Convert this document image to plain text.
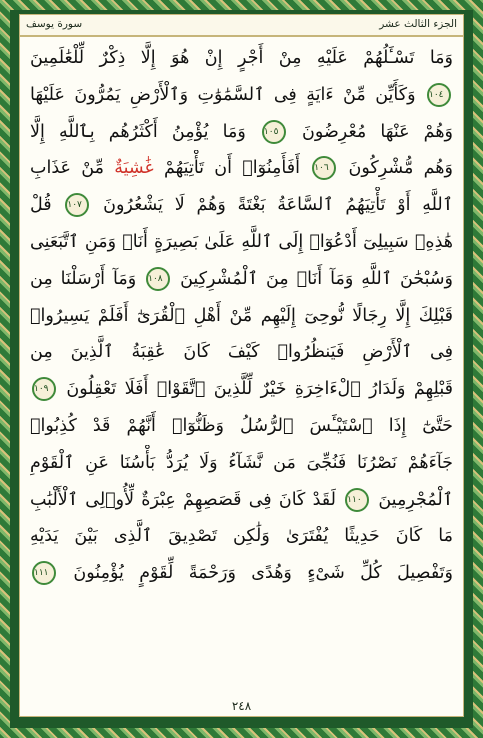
سورة يوسف	الجزء الثالث عشر
وَمَا تَسْـَٔلُهُمْ عَلَيْهِ مِنْ أَجْرٍ إِنْ هُوَ إِلَّا ذِكْرٌ لِّلْعَٰلَمِينَ
١٠٤ وَكَأَيِّن مِّنْ ءَايَةٍ فِى ٱلسَّمَٰوَٰتِ وَٱلْأَرْضِ يَمُرُّونَ عَلَيْهَا
وَهُمْ عَنْهَا مُعْرِضُونَ ١٠٥ وَمَا يُؤْمِنُ أَكْثَرُهُم بِٱللَّهِ إِلَّا
وَهُم مُّشْرِكُونَ ١٠٦ أَفَأَمِنُوٓا۟ أَن تَأْتِيَهُمْ غَٰشِيَةٌ مِّنْ عَذَابِ
ٱللَّهِ أَوْ تَأْتِيَهُمُ ٱلسَّاعَةُ بَغْتَةً وَهُمْ لَا يَشْعُرُونَ ١٠٧ قُلْ
هَٰذِهِۦ سَبِيلِىٓ أَدْعُوٓا۟ إِلَى ٱللَّهِ عَلَىٰ بَصِيرَةٍ أَنَا۠ وَمَنِ ٱتَّبَعَنِى
وَسُبْحَٰنَ ٱللَّهِ وَمَآ أَنَا۠ مِنَ ٱلْمُشْرِكِينَ ١٠٨ وَمَآ أَرْسَلْنَا مِن
قَبْلِكَ إِلَّا رِجَالًا نُّوحِىٓ إِلَيْهِم مِّنْ أَهْلِ ٱلْقُرَىٰٓ أَفَلَمْ يَسِيرُوا۟
فِى ٱلْأَرْضِ فَيَنظُرُوا۟ كَيْفَ كَانَ عَٰقِبَةُ ٱلَّذِينَ مِن
قَبْلِهِمْ وَلَدَارُ ٱلْءَاخِرَةِ خَيْرٌ لِّلَّذِينَ ٱتَّقَوْا۟ أَفَلَا تَعْقِلُونَ ١٠٩
حَتَّىٰٓ إِذَا ٱسْتَيْـَٔسَ ٱلرُّسُلُ وَظَنُّوٓا۟ أَنَّهُمْ قَدْ كُذِبُوا۟
جَآءَهُمْ نَصْرُنَا فَنُجِّىَ مَن نَّشَآءُ وَلَا يُرَدُّ بَأْسُنَا عَنِ ٱلْقَوْمِ
ٱلْمُجْرِمِينَ ١١٠ لَقَدْ كَانَ فِى قَصَصِهِمْ عِبْرَةٌ لِّأُو۟لِى ٱلْأَلْبَٰبِ
مَا كَانَ حَدِيثًا يُفْتَرَىٰ وَلَٰكِن تَصْدِيقَ ٱلَّذِى بَيْنَ يَدَيْهِ
وَتَفْصِيلَ كُلِّ شَىْءٍ وَهُدًى وَرَحْمَةً لِّقَوْمٍ يُؤْمِنُونَ ١١١
٢٤٨
